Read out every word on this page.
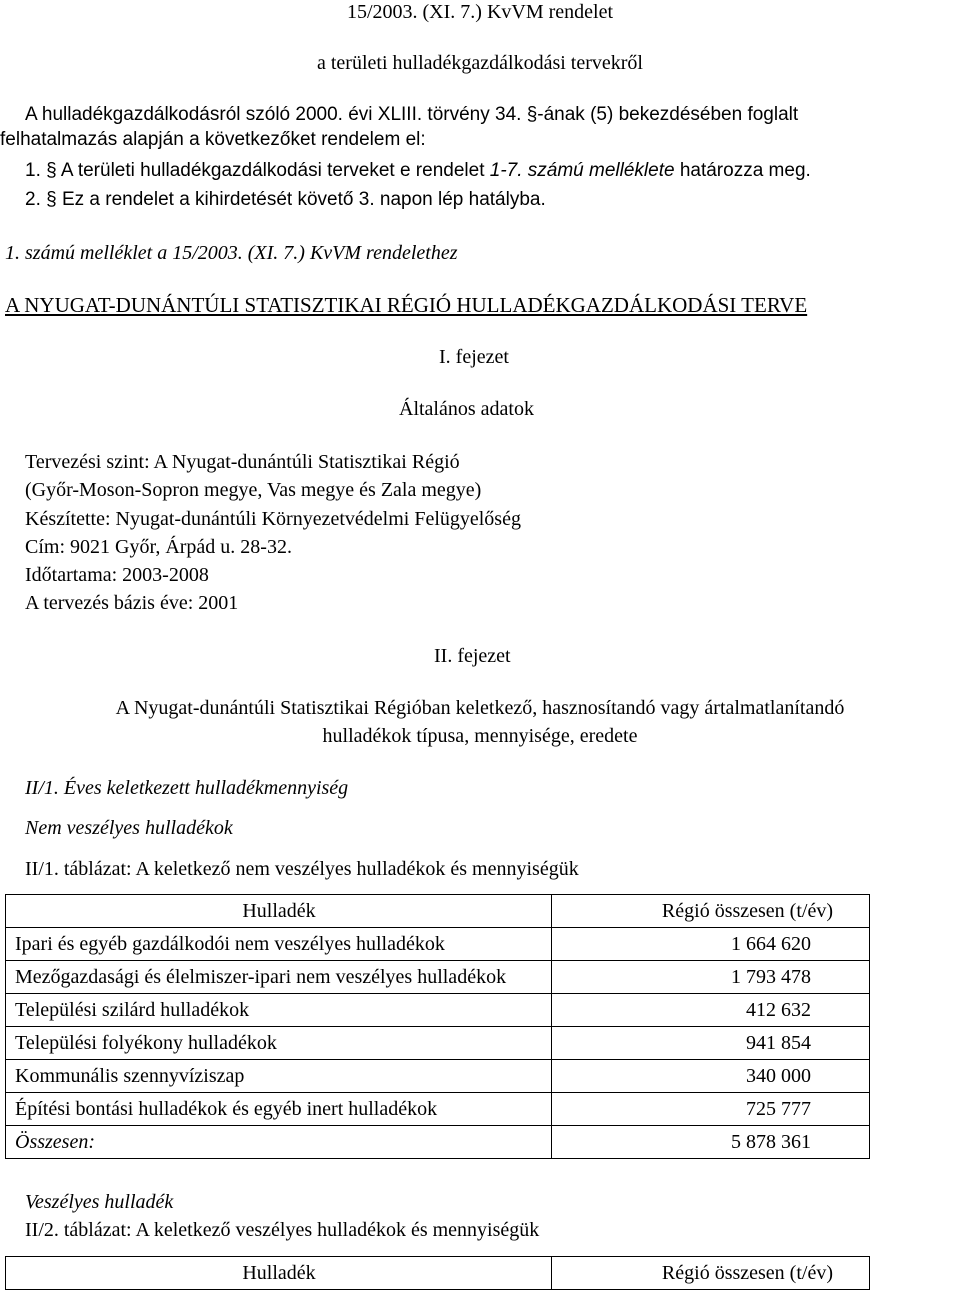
15/2003. (XI. 7.) KvVM rendelet
a területi hulladékgazdálkodási tervekről
A hulladékgazdálkodásról szóló 2000. évi XLIII. törvény 34. §-ának (5) bekezdésében foglalt
felhatalmazás alapján a következőket rendelem el:
1. § A területi hulladékgazdálkodási terveket e rendelet 1-7. számú melléklete határozza meg.
2. § Ez a rendelet a kihirdetését követő 3. napon lép hatályba.
1. számú melléklet a 15/2003. (XI. 7.) KvVM rendelethez
A NYUGAT-DUNÁNTÚLI STATISZTIKAI RÉGIÓ HULLADÉKGAZDÁLKODÁSI TERVE
I. fejezet
Általános adatok
Tervezési szint: A Nyugat-dunántúli Statisztikai Régió
(Győr-Moson-Sopron megye, Vas megye és Zala megye)
Készítette: Nyugat-dunántúli Környezetvédelmi Felügyelőség
Cím: 9021 Győr, Árpád u. 28-32.
Időtartama: 2003-2008
A tervezés bázis éve: 2001
II. fejezet
A Nyugat-dunántúli Statisztikai Régióban keletkező, hasznosítandó vagy ártalmatlanítandó
hulladékok típusa, mennyisége, eredete
II/1. Éves keletkezett hulladékmennyiség
Nem veszélyes hulladékok
II/1. táblázat: A keletkező nem veszélyes hulladékok és mennyiségük
Hulladék	Régió összesen (t/év)
Ipari és egyéb gazdálkodói nem veszélyes hulladékok	1 664 620
Mezőgazdasági és élelmiszer-ipari nem veszélyes hulladékok	1 793 478
Települési szilárd hulladékok	412 632
Települési folyékony hulladékok	941 854
Kommunális szennyvíziszap	340 000
Építési bontási hulladékok és egyéb inert hulladékok	725 777
Összesen:	5 878 361
Veszélyes hulladék
II/2. táblázat: A keletkező veszélyes hulladékok és mennyiségük
Hulladék	Régió összesen (t/év)
